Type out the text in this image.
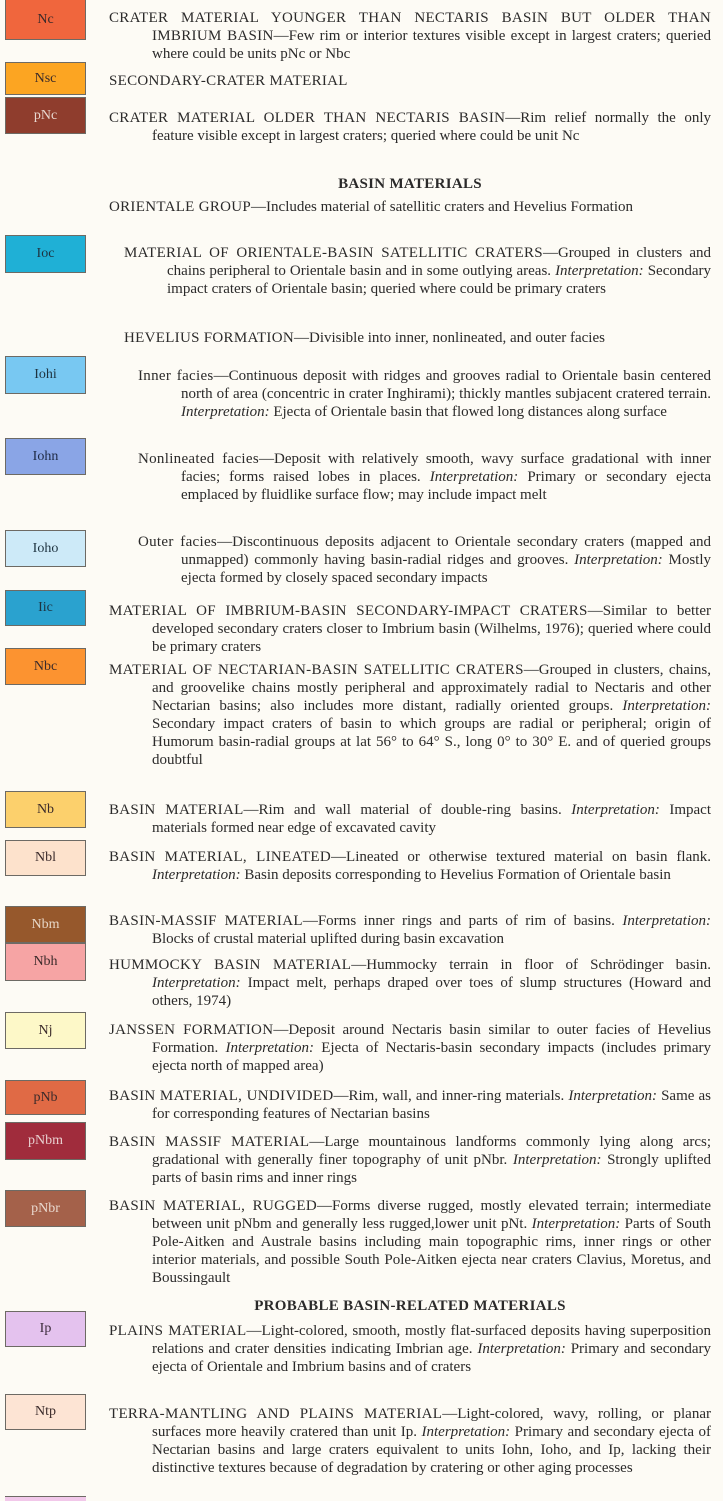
Nc
Nsc
pNc
Ioc
Iohi
Iohn
Ioho
Iic
Nbc
Nb
Nbl
Nbm
Nbh
Nj
pNb
pNbm
pNbr
Ip
Ntp
BASIN MATERIALS
PROBABLE BASIN-RELATED MATERIALS
CRATER MATERIAL YOUNGER THAN NECTARIS BASIN BUT OLDER THAN IMBRIUM BASIN—Few rim or interior textures visible except in largest craters; queried where could be units pNc or Nbc
SECONDARY-CRATER MATERIAL
CRATER MATERIAL OLDER THAN NECTARIS BASIN—Rim relief normally the only feature visible except in largest craters; queried where could be unit Nc
ORIENTALE GROUP—Includes material of satellitic craters and Hevelius Formation
MATERIAL OF ORIENTALE-BASIN SATELLITIC CRATERS—Grouped in clusters and chains peripheral to Orientale basin and in some outlying areas. Interpretation: Secondary impact craters of Orientale basin; queried where could be primary craters
HEVELIUS FORMATION—Divisible into inner, nonlineated, and outer facies
Inner facies—Continuous deposit with ridges and grooves radial to Orientale basin centered north of area (concentric in crater Inghirami); thickly mantles subjacent cratered terrain. Interpretation: Ejecta of Orientale basin that flowed long distances along surface
Nonlineated facies—Deposit with relatively smooth, wavy surface gradational with inner facies; forms raised lobes in places. Interpretation: Primary or secondary ejecta emplaced by fluidlike surface flow; may include impact melt
Outer facies—Discontinuous deposits adjacent to Orientale secondary craters (mapped and unmapped) commonly having basin-radial ridges and grooves. Interpretation: Mostly ejecta formed by closely spaced secondary impacts
MATERIAL OF IMBRIUM-BASIN SECONDARY-IMPACT CRATERS—Similar to better developed secondary craters closer to Imbrium basin (Wilhelms, 1976); queried where could be primary craters
MATERIAL OF NECTARIAN-BASIN SATELLITIC CRATERS—Grouped in clusters, chains, and groovelike chains mostly peripheral and approximately radial to Nectaris and other Nectarian basins; also includes more distant, radially oriented groups. Interpretation: Secondary impact craters of basin to which groups are radial or peripheral; origin of Humorum basin-radial groups at lat 56° to 64° S., long 0° to 30° E. and of queried groups doubtful
BASIN MATERIAL—Rim and wall material of double-ring basins. Interpretation: Impact materials formed near edge of excavated cavity
BASIN MATERIAL, LINEATED—Lineated or otherwise textured material on basin flank. Interpretation: Basin deposits corresponding to Hevelius Formation of Orientale basin
BASIN-MASSIF MATERIAL—Forms inner rings and parts of rim of basins. Interpretation: Blocks of crustal material uplifted during basin excavation
HUMMOCKY BASIN MATERIAL—Hummocky terrain in floor of Schrödinger basin. Interpretation: Impact melt, perhaps draped over toes of slump structures (Howard and others, 1974)
JANSSEN FORMATION—Deposit around Nectaris basin similar to outer facies of Hevelius Formation. Interpretation: Ejecta of Nectaris-basin secondary impacts (includes primary ejecta north of mapped area)
BASIN MATERIAL, UNDIVIDED—Rim, wall, and inner-ring materials. Interpretation: Same as for corresponding features of Nectarian basins
BASIN MASSIF MATERIAL—Large mountainous landforms commonly lying along arcs; gradational with generally finer topography of unit pNbr. Interpretation: Strongly uplifted parts of basin rims and inner rings
BASIN MATERIAL, RUGGED—Forms diverse rugged, mostly elevated terrain; intermediate between unit pNbm and generally less rugged,lower unit pNt. Interpretation: Parts of South Pole-Aitken and Australe basins including main topographic rims, inner rings or other interior materials, and possible South Pole-Aitken ejecta near craters Clavius, Moretus, and Boussingault
PLAINS MATERIAL—Light-colored, smooth, mostly flat-surfaced deposits having superposition relations and crater densities indicating Imbrian age. Interpretation: Primary and secondary ejecta of Orientale and Imbrium basins and of craters
TERRA-MANTLING AND PLAINS MATERIAL—Light-colored, wavy, rolling, or planar surfaces more heavily cratered than unit Ip. Interpretation: Primary and secondary ejecta of Nectarian basins and large craters equivalent to units Iohn, Ioho, and Ip, lacking their distinctive textures because of degradation by cratering or other aging processes
